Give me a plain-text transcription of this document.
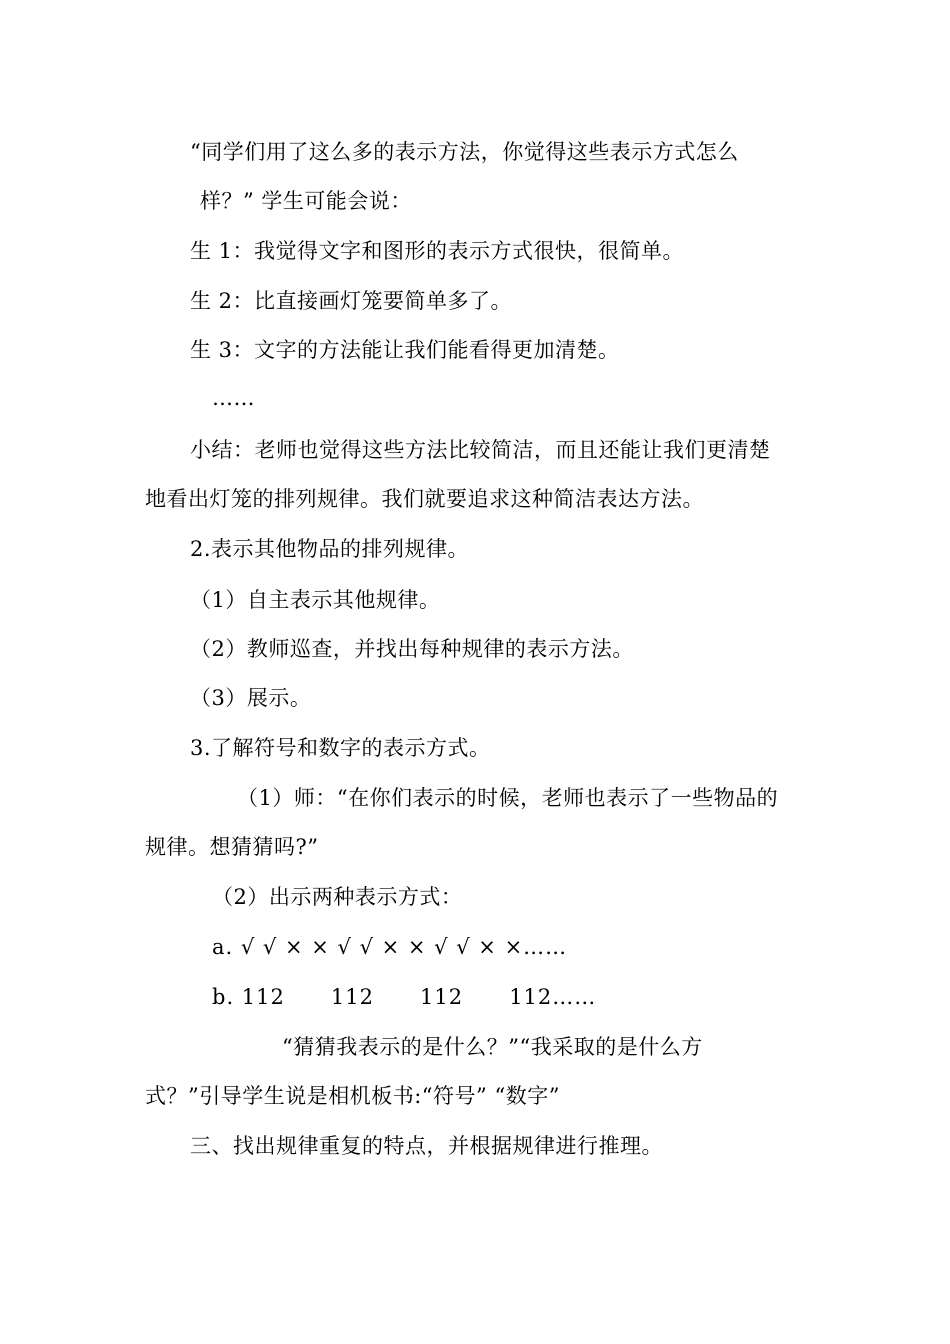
“同学们用了这么多的表示方法，你觉得这些表示方式怎么
样？” 学生可能会说：
生 1：我觉得文字和图形的表示方式很快，很简单。
生 2：比直接画灯笼要简单多了。
生 3：文字的方法能让我们能看得更加清楚。
……
小结：老师也觉得这些方法比较简洁，而且还能让我们更清楚
地看出灯笼的排列规律。我们就要追求这种简洁表达方法。
2.表示其他物品的排列规律。
（1）自主表示其他规律。
（2）教师巡查，并找出每种规律的表示方法。
（3）展示。
3.了解符号和数字的表示方式。
（1）师：“在你们表示的时候，老师也表示了一些物品的
规律。想猜猜吗?”
（2）出示两种表示方式：
a. √ √ × × √ √ × × √ √ × ×……
b. 112      112      112      112……
“猜猜我表示的是什么？”“我采取的是什么方
式？”引导学生说是相机板书:“符号” “数字”
三、找出规律重复的特点，并根据规律进行推理。
